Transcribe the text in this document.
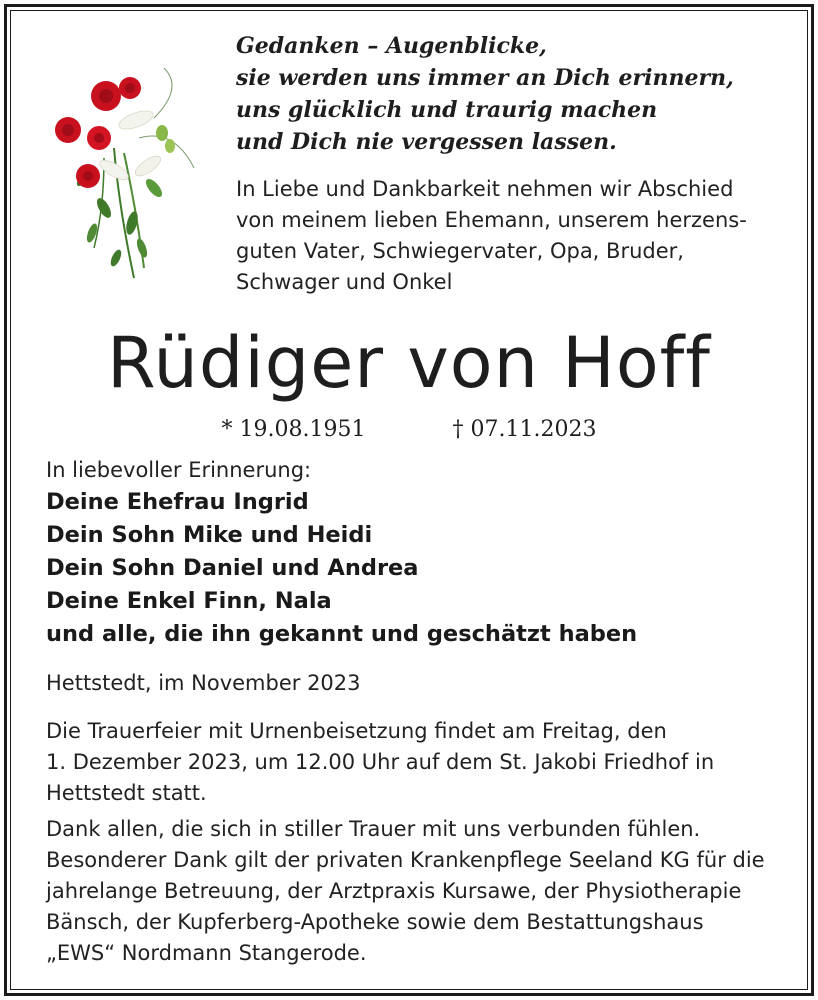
Gedanken – Augenblicke,
sie werden uns immer an Dich erinnern,
uns glücklich und traurig machen
und Dich nie vergessen lassen.
In Liebe und Dankbarkeit nehmen wir Abschied
von meinem lieben Ehemann, unserem herzens-
guten Vater, Schwiegervater, Opa, Bruder,
Schwager und Onkel
Rüdiger von Hoff
* 19.08.1951	† 07.11.2023
In liebevoller Erinnerung:
Deine Ehefrau Ingrid
Dein Sohn Mike und Heidi
Dein Sohn Daniel und Andrea
Deine Enkel Finn, Nala
und alle, die ihn gekannt und geschätzt haben
Hettstedt, im November 2023
Die Trauerfeier mit Urnenbeisetzung findet am Freitag, den
1. Dezember 2023, um 12.00 Uhr auf dem St. Jakobi Friedhof in
Hettstedt statt.
Dank allen, die sich in stiller Trauer mit uns verbunden fühlen.
Besonderer Dank gilt der privaten Krankenpflege Seeland KG für die
jahrelange Betreuung, der Arztpraxis Kursawe, der Physiotherapie
Bänsch, der Kupferberg-Apotheke sowie dem Bestattungshaus
„EWS“ Nordmann Stangerode.
